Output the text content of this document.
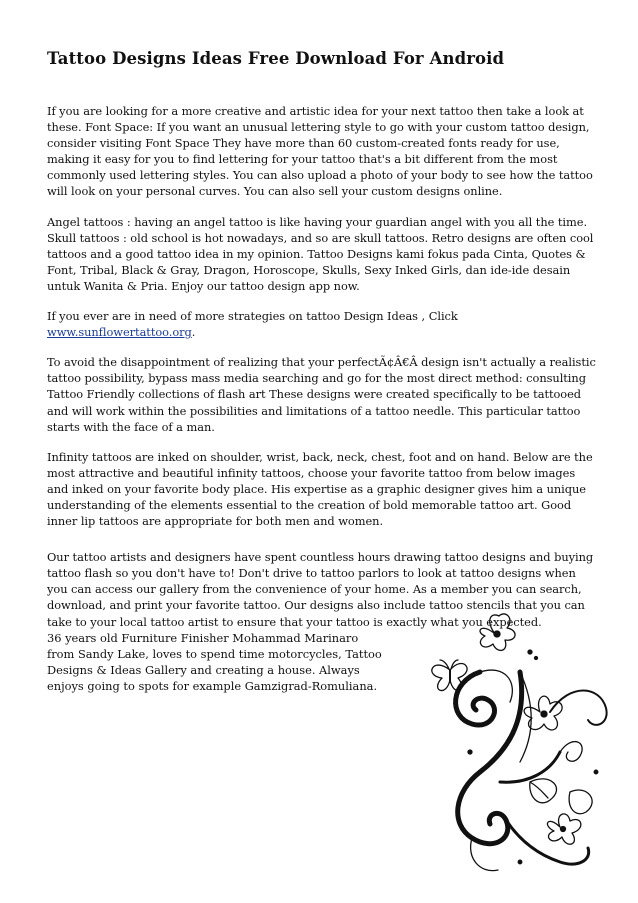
Tattoo Designs Ideas Free Download For Android

If you are looking for a more creative and artistic idea for your next tattoo then take a look at these. Font Space: If you want an unusual lettering style to go with your custom tattoo design, consider visiting Font Space They have more than 60 custom-created fonts ready for use, making it easy for you to find lettering for your tattoo that's a bit different from the most commonly used lettering styles. You can also upload a photo of your body to see how the tattoo will look on your personal curves. You can also sell your custom designs online.

Angel tattoos : having an angel tattoo is like having your guardian angel with you all the time. Skull tattoos : old school is hot nowadays, and so are skull tattoos. Retro designs are often cool tattoos and a good tattoo idea in my opinion. Tattoo Designs kami fokus pada Cinta, Quotes & Font, Tribal, Black & Gray, Dragon, Horoscope, Skulls, Sexy Inked Girls, dan ide-ide desain untuk Wanita & Pria. Enjoy our tattoo design app now.

If you ever are in need of more strategies on tattoo Design Ideas , Click www.sunflowertattoo.org.

To avoid the disappointment of realizing that your perfectÃ¢Â€Â design isn't actually a realistic tattoo possibility, bypass mass media searching and go for the most direct method: consulting Tattoo Friendly collections of flash art These designs were created specifically to be tattooed and will work within the possibilities and limitations of a tattoo needle. This particular tattoo starts with the face of a man.

Infinity tattoos are inked on shoulder, wrist, back, neck, chest, foot and on hand. Below are the most attractive and beautiful infinity tattoos, choose your favorite tattoo from below images and inked on your favorite body place. His expertise as a graphic designer gives him a unique understanding of the elements essential to the creation of bold memorable tattoo art. Good inner lip tattoos are appropriate for both men and women.

Our tattoo artists and designers have spent countless hours drawing tattoo designs and buying tattoo flash so you don't have to! Don't drive to tattoo parlors to look at tattoo designs when you can access our gallery from the convenience of your home. As a member you can search, download, and print your favorite tattoo. Our designs also include tattoo stencils that you can take to your local tattoo artist to ensure that your tattoo is exactly what you expected.

36 years old Furniture Finisher Mohammad Marinaro
from Sandy Lake, loves to spend time motorcycles, Tattoo
Designs & Ideas Gallery and creating a house. Always
enjoys going to spots for example Gamzigrad-Romuliana.
